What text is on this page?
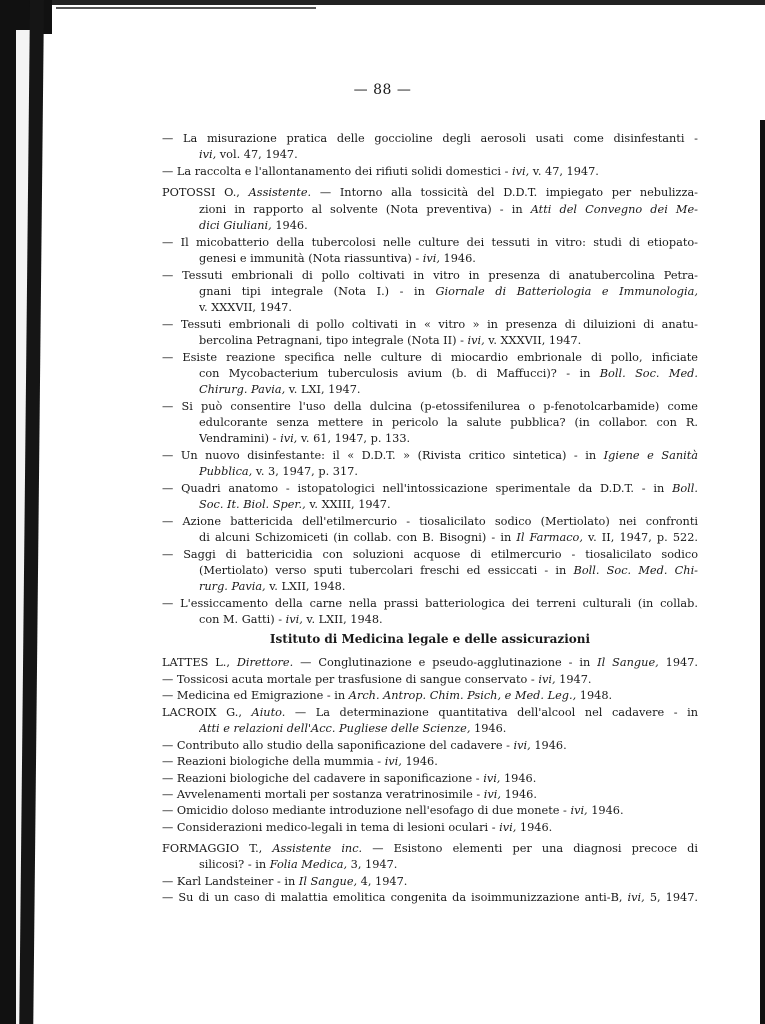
— 88 —
— La misurazione pratica delle goccioline degli aerosoli usati come disinfestanti -
ivi, vol. 47, 1947.
— La raccolta e l'allontanamento dei rifiuti solidi domestici - ivi, v. 47, 1947.
POTOSSI O., Assistente. — Intorno alla tossicità del D.D.T. impiegato per nebulizza-
zioni in rapporto al solvente (Nota preventiva) - in Atti del Convegno dei Me-
dici Giuliani, 1946.
— Il micobatterio della tubercolosi nelle culture dei tessuti in vitro: studi di etiopato-
genesi e immunità (Nota riassuntiva) - ivi, 1946.
— Tessuti embrionali di pollo coltivati in vitro in presenza di anatubercolina Petra-
gnani tipi integrale (Nota I.) - in Giornale di Batteriologia e Immunologia,
v. XXXVII, 1947.
— Tessuti embrionali di pollo coltivati in « vitro » in presenza di diluizioni di anatu-
bercolina Petragnani, tipo integrale (Nota II) - ivi, v. XXXVII, 1947.
— Esiste reazione specifica nelle culture di miocardio embrionale di pollo, inficiate
con Mycobacterium tuberculosis avium (b. di Maffucci)? - in Boll. Soc. Med.
Chirurg. Pavia, v. LXI, 1947.
— Si può consentire l'uso della dulcina (p-etossifenilurea o p-fenotolcarbamide) come
edulcorante senza mettere in pericolo la salute pubblica? (in collabor. con R.
Vendramini) - ivi, v. 61, 1947, p. 133.
— Un nuovo disinfestante: il « D.D.T. » (Rivista critico sintetica) - in Igiene e Sanità
Pubblica, v. 3, 1947, p. 317.
— Quadri anatomo - istopatologici nell'intossicazione sperimentale da D.D.T. - in Boll.
Soc. It. Biol. Sper., v. XXIII, 1947.
— Azione battericida dell'etilmercurio - tiosalicilato sodico (Mertiolato) nei confronti
di alcuni Schizomiceti (in collab. con B. Bisogni) - in Il Farmaco, v. II, 1947, p. 522.
— Saggi di battericidia con soluzioni acquose di etilmercurio - tiosalicilato sodico
(Mertiolato) verso sputi tubercolari freschi ed essiccati - in Boll. Soc. Med. Chi-
rurg. Pavia, v. LXII, 1948.
— L'essiccamento della carne nella prassi batteriologica dei terreni culturali (in collab.
con M. Gatti) - ivi, v. LXII, 1948.
LATTES L., Direttore. — Conglutinazione e pseudo-agglutinazione - in Il Sangue, 1947.
— Tossicosi acuta mortale per trasfusione di sangue conservato - ivi, 1947.
— Medicina ed Emigrazione - in Arch. Antrop. Chim. Psich, e Med. Leg., 1948.
LACROIX G., Aiuto. — La determinazione quantitativa dell'alcool nel cadavere - in
Atti e relazioni dell'Acc. Pugliese delle Scienze, 1946.
— Contributo allo studio della saponificazione del cadavere - ivi, 1946.
— Reazioni biologiche della mummia - ivi, 1946.
— Reazioni biologiche del cadavere in saponificazione - ivi, 1946.
— Avvelenamenti mortali per sostanza veratrinosimile - ivi, 1946.
— Omicidio doloso mediante introduzione nell'esofago di due monete - ivi, 1946.
— Considerazioni medico-legali in tema di lesioni oculari - ivi, 1946.
FORMAGGIO T., Assistente inc. — Esistono elementi per una diagnosi precoce di
silicosi? - in Folia Medica, 3, 1947.
— Karl Landsteiner - in Il Sangue, 4, 1947.
— Su di un caso di malattia emolitica congenita da isoimmunizzazione anti-B, ivi, 5, 1947.
Istituto di Medicina legale e delle assicurazioni
